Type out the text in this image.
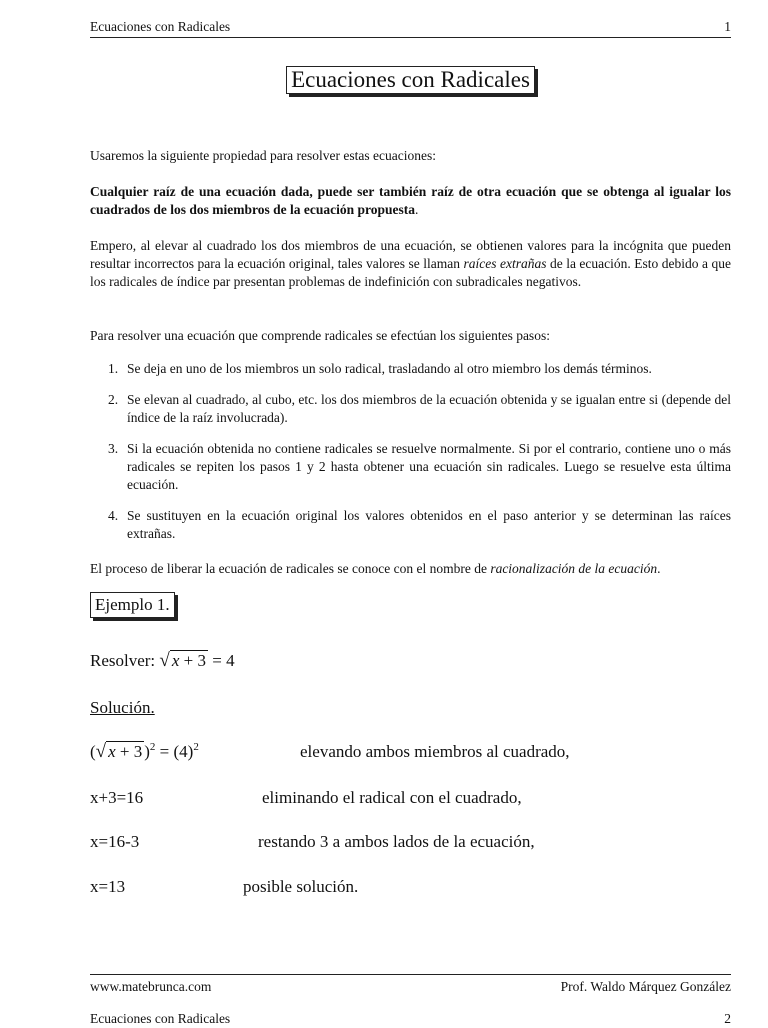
Ecuaciones con Radicales	1
Ecuaciones con Radicales

Usaremos la siguiente propiedad para resolver estas ecuaciones:

Cualquier raíz de una ecuación dada, puede ser también raíz de otra ecuación que se obtenga al igualar los cuadrados de los dos miembros de la ecuación propuesta.

Empero, al elevar al cuadrado los dos miembros de una ecuación, se obtienen valores para la incógnita que pueden resultar incorrectos para la ecuación original, tales valores se llaman raíces extrañas de la ecuación. Esto debido a que los radicales de índice par presentan problemas de indefinición con subradicales negativos.

Para resolver una ecuación que comprende radicales se efectúan los siguientes pasos:

1. Se deja en uno de los miembros un solo radical, trasladando al otro miembro los demás términos.
2. Se elevan al cuadrado, al cubo, etc. los dos miembros de la ecuación obtenida y se igualan entre si (depende del índice de la raíz involucrada).
3. Si la ecuación obtenida no contiene radicales se resuelve normalmente. Si por el contrario, contiene uno o más radicales se repiten los pasos 1 y 2 hasta obtener una ecuación sin radicales. Luego se resuelve esta última ecuación.
4. Se sustituyen en la ecuación original los valores obtenidos en el paso anterior y se determinan las raíces extrañas.

El proceso de liberar la ecuación de radicales se conoce con el nombre de racionalización de la ecuación.

Ejemplo 1.
Resolver: √ x + 3 = 4
Solución.
(√ x + 3 )$^2 = (4)^2$	elevando ambos miembros al cuadrado,
x+3=16	eliminando el radical con el cuadrado,
x=16-3	restando 3 a ambos lados de la ecuación,
x=13	posible solución.
www.matebrunca.com	Prof. Waldo Márquez González
Ecuaciones con Radicales	2
